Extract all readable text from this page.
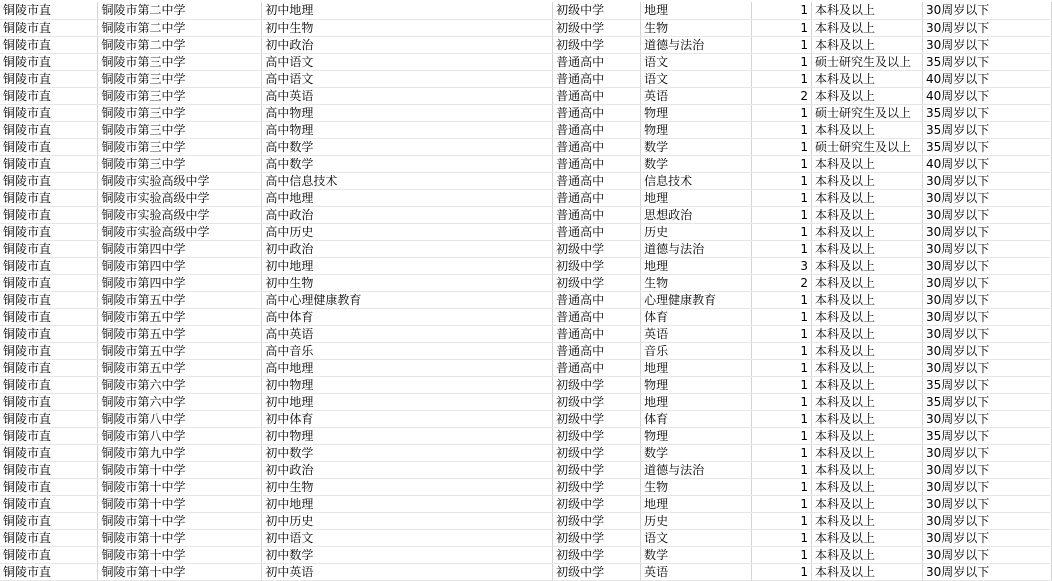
铜陵市直	铜陵市第二中学	初中地理	初级中学	地理	1	本科及以上	30周岁以下
铜陵市直	铜陵市第二中学	初中生物	初级中学	生物	1	本科及以上	30周岁以下
铜陵市直	铜陵市第二中学	初中政治	初级中学	道德与法治	1	本科及以上	30周岁以下
铜陵市直	铜陵市第三中学	高中语文	普通高中	语文	1	硕士研究生及以上	35周岁以下
铜陵市直	铜陵市第三中学	高中语文	普通高中	语文	1	本科及以上	40周岁以下
铜陵市直	铜陵市第三中学	高中英语	普通高中	英语	2	本科及以上	40周岁以下
铜陵市直	铜陵市第三中学	高中物理	普通高中	物理	1	硕士研究生及以上	35周岁以下
铜陵市直	铜陵市第三中学	高中物理	普通高中	物理	1	本科及以上	35周岁以下
铜陵市直	铜陵市第三中学	高中数学	普通高中	数学	1	硕士研究生及以上	35周岁以下
铜陵市直	铜陵市第三中学	高中数学	普通高中	数学	1	本科及以上	40周岁以下
铜陵市直	铜陵市实验高级中学	高中信息技术	普通高中	信息技术	1	本科及以上	30周岁以下
铜陵市直	铜陵市实验高级中学	高中地理	普通高中	地理	1	本科及以上	30周岁以下
铜陵市直	铜陵市实验高级中学	高中政治	普通高中	思想政治	1	本科及以上	30周岁以下
铜陵市直	铜陵市实验高级中学	高中历史	普通高中	历史	1	本科及以上	30周岁以下
铜陵市直	铜陵市第四中学	初中政治	初级中学	道德与法治	1	本科及以上	30周岁以下
铜陵市直	铜陵市第四中学	初中地理	初级中学	地理	3	本科及以上	30周岁以下
铜陵市直	铜陵市第四中学	初中生物	初级中学	生物	2	本科及以上	30周岁以下
铜陵市直	铜陵市第五中学	高中心理健康教育	普通高中	心理健康教育	1	本科及以上	30周岁以下
铜陵市直	铜陵市第五中学	高中体育	普通高中	体育	1	本科及以上	30周岁以下
铜陵市直	铜陵市第五中学	高中英语	普通高中	英语	1	本科及以上	30周岁以下
铜陵市直	铜陵市第五中学	高中音乐	普通高中	音乐	1	本科及以上	30周岁以下
铜陵市直	铜陵市第五中学	高中地理	普通高中	地理	1	本科及以上	30周岁以下
铜陵市直	铜陵市第六中学	初中物理	初级中学	物理	1	本科及以上	35周岁以下
铜陵市直	铜陵市第六中学	初中地理	初级中学	地理	1	本科及以上	35周岁以下
铜陵市直	铜陵市第八中学	初中体育	初级中学	体育	1	本科及以上	30周岁以下
铜陵市直	铜陵市第八中学	初中物理	初级中学	物理	1	本科及以上	35周岁以下
铜陵市直	铜陵市第九中学	初中数学	初级中学	数学	1	本科及以上	30周岁以下
铜陵市直	铜陵市第十中学	初中政治	初级中学	道德与法治	1	本科及以上	30周岁以下
铜陵市直	铜陵市第十中学	初中生物	初级中学	生物	1	本科及以上	30周岁以下
铜陵市直	铜陵市第十中学	初中地理	初级中学	地理	1	本科及以上	30周岁以下
铜陵市直	铜陵市第十中学	初中历史	初级中学	历史	1	本科及以上	30周岁以下
铜陵市直	铜陵市第十中学	初中语文	初级中学	语文	1	本科及以上	30周岁以下
铜陵市直	铜陵市第十中学	初中数学	初级中学	数学	1	本科及以上	30周岁以下
铜陵市直	铜陵市第十中学	初中英语	初级中学	英语	1	本科及以上	30周岁以下
